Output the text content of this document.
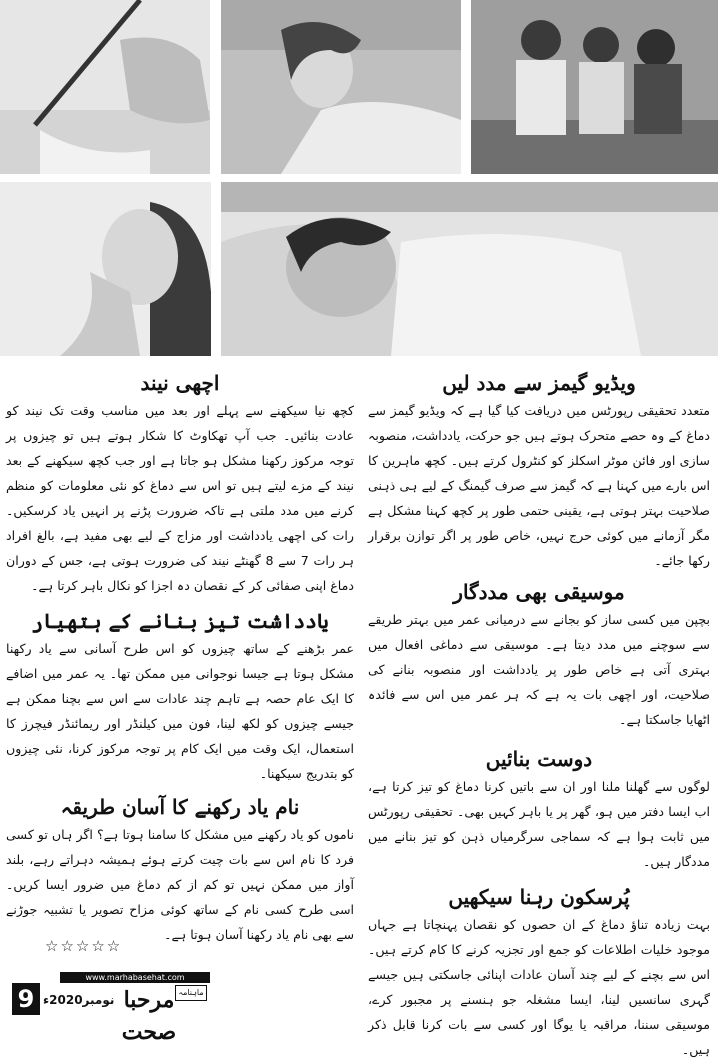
ویڈیو گیمز سے مدد لیں

متعدد تحقیقی رپورٹس میں دریافت کیا گیا ہے کہ ویڈیو گیمز سے دماغ کے وہ حصے متحرک ہوتے ہیں جو حرکت، یادداشت، منصوبہ سازی اور فائن موٹر اسکلز کو کنٹرول کرتے ہیں۔ کچھ ماہرین کا اس بارے میں کہنا ہے کہ گیمز سے صرف گیمنگ کے لیے ہی ذہنی صلاحیت بہتر ہوتی ہے، یقینی حتمی طور پر کچھ کہنا مشکل ہے مگر آزمانے میں کوئی حرج نہیں، خاص طور پر اگر توازن برقرار رکھا جائے۔

موسیقی بھی مددگار

بچپن میں کسی ساز کو بجانے سے درمیانی عمر میں بہتر طریقے سے سوچنے میں مدد دیتا ہے۔ موسیقی سے دماغی افعال میں بہتری آتی ہے خاص طور پر یادداشت اور منصوبہ بنانے کی صلاحیت، اور اچھی بات یہ ہے کہ ہر عمر میں اس سے فائدہ اٹھایا جاسکتا ہے۔

دوست بنائیں

لوگوں سے گھلنا ملنا اور ان سے باتیں کرنا دماغ کو تیز کرتا ہے، اب ایسا دفتر میں ہو، گھر پر یا باہر کہیں بھی۔ تحقیقی رپورٹس میں ثابت ہوا ہے کہ سماجی سرگرمیاں ذہن کو تیز بنانے میں مددگار ہیں۔

پُرسکون رہنا سیکھیں

بہت زیادہ تناؤ دماغ کے ان حصوں کو نقصان پہنچاتا ہے جہاں موجود خلیات اطلاعات کو جمع اور تجزیہ کرنے کا کام کرتے ہیں۔ اس سے بچنے کے لیے چند آسان عادات اپنائی جاسکتی ہیں جیسے گہری سانسیں لینا، ایسا مشغلہ جو ہنسنے پر مجبور کرے، موسیقی سننا، مراقبہ یا یوگا اور کسی سے بات کرنا قابل ذکر ہیں۔

اچھی نیند

کچھ نیا سیکھنے سے پہلے اور بعد میں مناسب وقت تک نیند کو عادت بنائیں۔ جب آپ تھکاوٹ کا شکار ہوتے ہیں تو چیزوں پر توجہ مرکوز رکھنا مشکل ہو جاتا ہے اور جب کچھ سیکھنے کے بعد نیند کے مزے لیتے ہیں تو اس سے دماغ کو نئی معلومات کو منظم کرنے میں مدد ملتی ہے تاکہ ضرورت پڑنے پر انہیں یاد کرسکیں۔ رات کی اچھی یادداشت اور مزاج کے لیے بھی مفید ہے، بالغ افراد ہر رات 7 سے 8 گھنٹے نیند کی ضرورت ہوتی ہے، جس کے دوران دماغ اپنی صفائی کر کے نقصان دہ اجزا کو نکال باہر کرتا ہے۔

یادداشت تیز بنانے کے ہتھیار

عمر بڑھنے کے ساتھ چیزوں کو اس طرح آسانی سے یاد رکھنا مشکل ہوتا ہے جیسا نوجوانی میں ممکن تھا۔ یہ عمر میں اضافے کا ایک عام حصہ ہے تاہم چند عادات سے اس سے بچنا ممکن ہے جیسے چیزوں کو لکھ لینا، فون میں کیلنڈر اور ریمائنڈر فیچرز کا استعمال، ایک وقت میں ایک کام پر توجہ مرکوز کرنا، نئی چیزوں کو بتدریج سیکھنا۔

نام یاد رکھنے کا آسان طریقہ

ناموں کو یاد رکھنے میں مشکل کا سامنا ہوتا ہے؟ اگر ہاں تو کسی فرد کا نام اس سے بات چیت کرتے ہوئے ہمیشہ دہراتے رہے، بلند آواز میں ممکن نہیں تو کم از کم دماغ میں ضرور ایسا کریں۔ اسی طرح کسی نام کے ساتھ کوئی مزاح تصویر یا تشبیہ جوڑنے سے بھی نام یاد رکھنا آسان ہوتا ہے۔

☆☆☆☆☆
www.marhabasehat.com
9 نومبر2020ء مرحبا صحت
ماہنامہ
